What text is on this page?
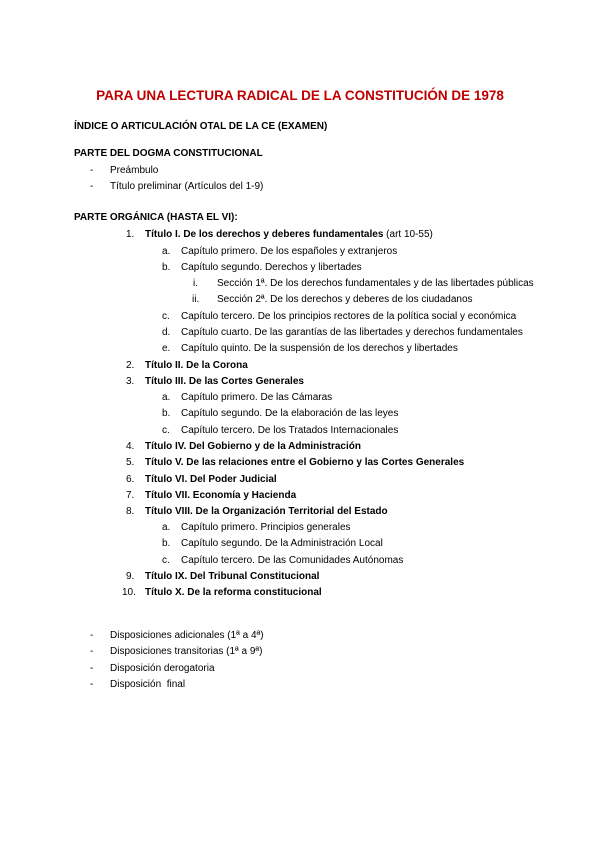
PARA UNA LECTURA RADICAL DE LA CONSTITUCIÓN DE 1978
ÍNDICE O ARTICULACIÓN OTAL DE LA CE (EXAMEN)
PARTE DEL DOGMA CONSTITUCIONAL
- Preámbulo
- Título preliminar (Artículos del 1-9)
PARTE ORGÁNICA (HASTA EL VI):
1. Título I. De los derechos y deberes fundamentales (art 10-55)
a. Capítulo primero. De los españoles y extranjeros
b. Capítulo segundo. Derechos y libertades
i. Sección 1ª. De los derechos fundamentales y de las libertades públicas
ii. Sección 2ª. De los derechos y deberes de los ciudadanos
c. Capítulo tercero. De los principios rectores de la política social y económica
d. Capítulo cuarto. De las garantías de las libertades y derechos fundamentales
e. Capítulo quinto. De la suspensión de los derechos y libertades
2. Título II. De la Corona
3. Título III. De las Cortes Generales
a. Capítulo primero. De las Cámaras
b. Capítulo segundo. De la elaboración de las leyes
c. Capítulo tercero. De los Tratados Internacionales
4. Título IV. Del Gobierno y de la Administración
5. Título V. De las relaciones entre el Gobierno y las Cortes Generales
6. Título VI. Del Poder Judicial
7. Título VII. Economía y Hacienda
8. Título VIII. De la Organización Territorial del Estado
a. Capítulo primero. Principios generales
b. Capítulo segundo. De la Administración Local
c. Capítulo tercero. De las Comunidades Autónomas
9. Título IX. Del Tribunal Constitucional
10. Título X. De la reforma constitucional
- Disposiciones adicionales (1ª a 4ª)
- Disposiciones transitorias (1ª a 9ª)
- Disposición derogatoria
- Disposición  final
